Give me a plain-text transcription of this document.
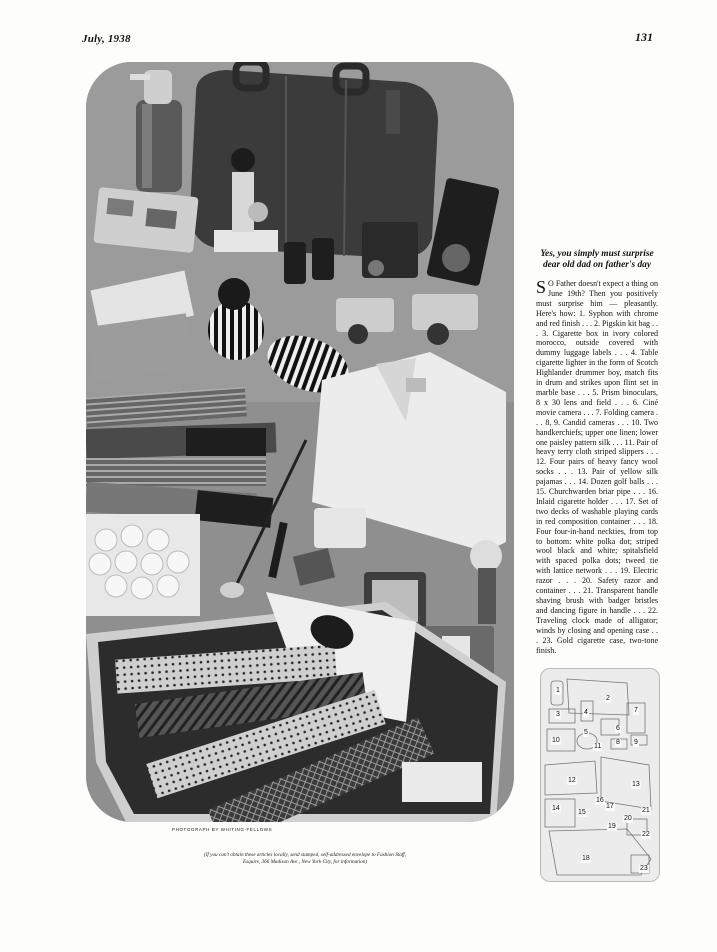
July, 1938	131
PHOTOGRAPH BY WHITING-FELLOWS
(If you can't obtain these articles locally, send stamped, self-addressed envelope to Fashion Staff, Esquire, 366 Madison Ave., New York City, for information)
Yes, you simply must surprise dear old dad on father's day

S O Father doesn't expect a thing on June 19th? Then you positively must surprise him — pleasantly. Here's how: 1. Syphon with chrome and red finish . . . 2. Pigskin kit bag . . . 3. Cigarette box in ivory colored morocco, outside covered with dummy luggage labels . . . 4. Table cigarette lighter in the form of Scotch Highlander drummer boy, match fits in drum and strikes upon flint set in marble base . . . 5. Prism binoculars, 8 x 30 lens and field . . . 6. Ciné movie camera . . . 7. Folding camera . . . 8, 9. Candid cameras . . . 10. Two handkerchiefs; upper one linen; lower one paisley pattern silk . . . 11. Pair of heavy terry cloth striped slippers . . . 12. Four pairs of heavy fancy wool socks . . . 13. Pair of yellow silk pajamas . . . 14. Dozen golf balls . . . 15. Churchwarden briar pipe . . . 16. Inlaid cigarette holder . . . 17. Set of two decks of washable playing cards in red composition container . . . 18. Four four-in-hand neckties, from top to bottom: white polka dot; striped wool black and white; spitalsfield with spaced polka dots; tweed tie with lattice network . . . 19. Electric razor . . . 20. Safety razor and container . . . 21. Transparent handle shaving brush with badger bristles and dancing figure in handle . . . 22. Traveling clock made of alligator; winds by closing and opening case . . . 23. Gold cigarette case, two-tone finish.

1
2
3	4
5
6
7
8 9
10
11
12
13
14
15
16
17
18
19
20
21
22
23
